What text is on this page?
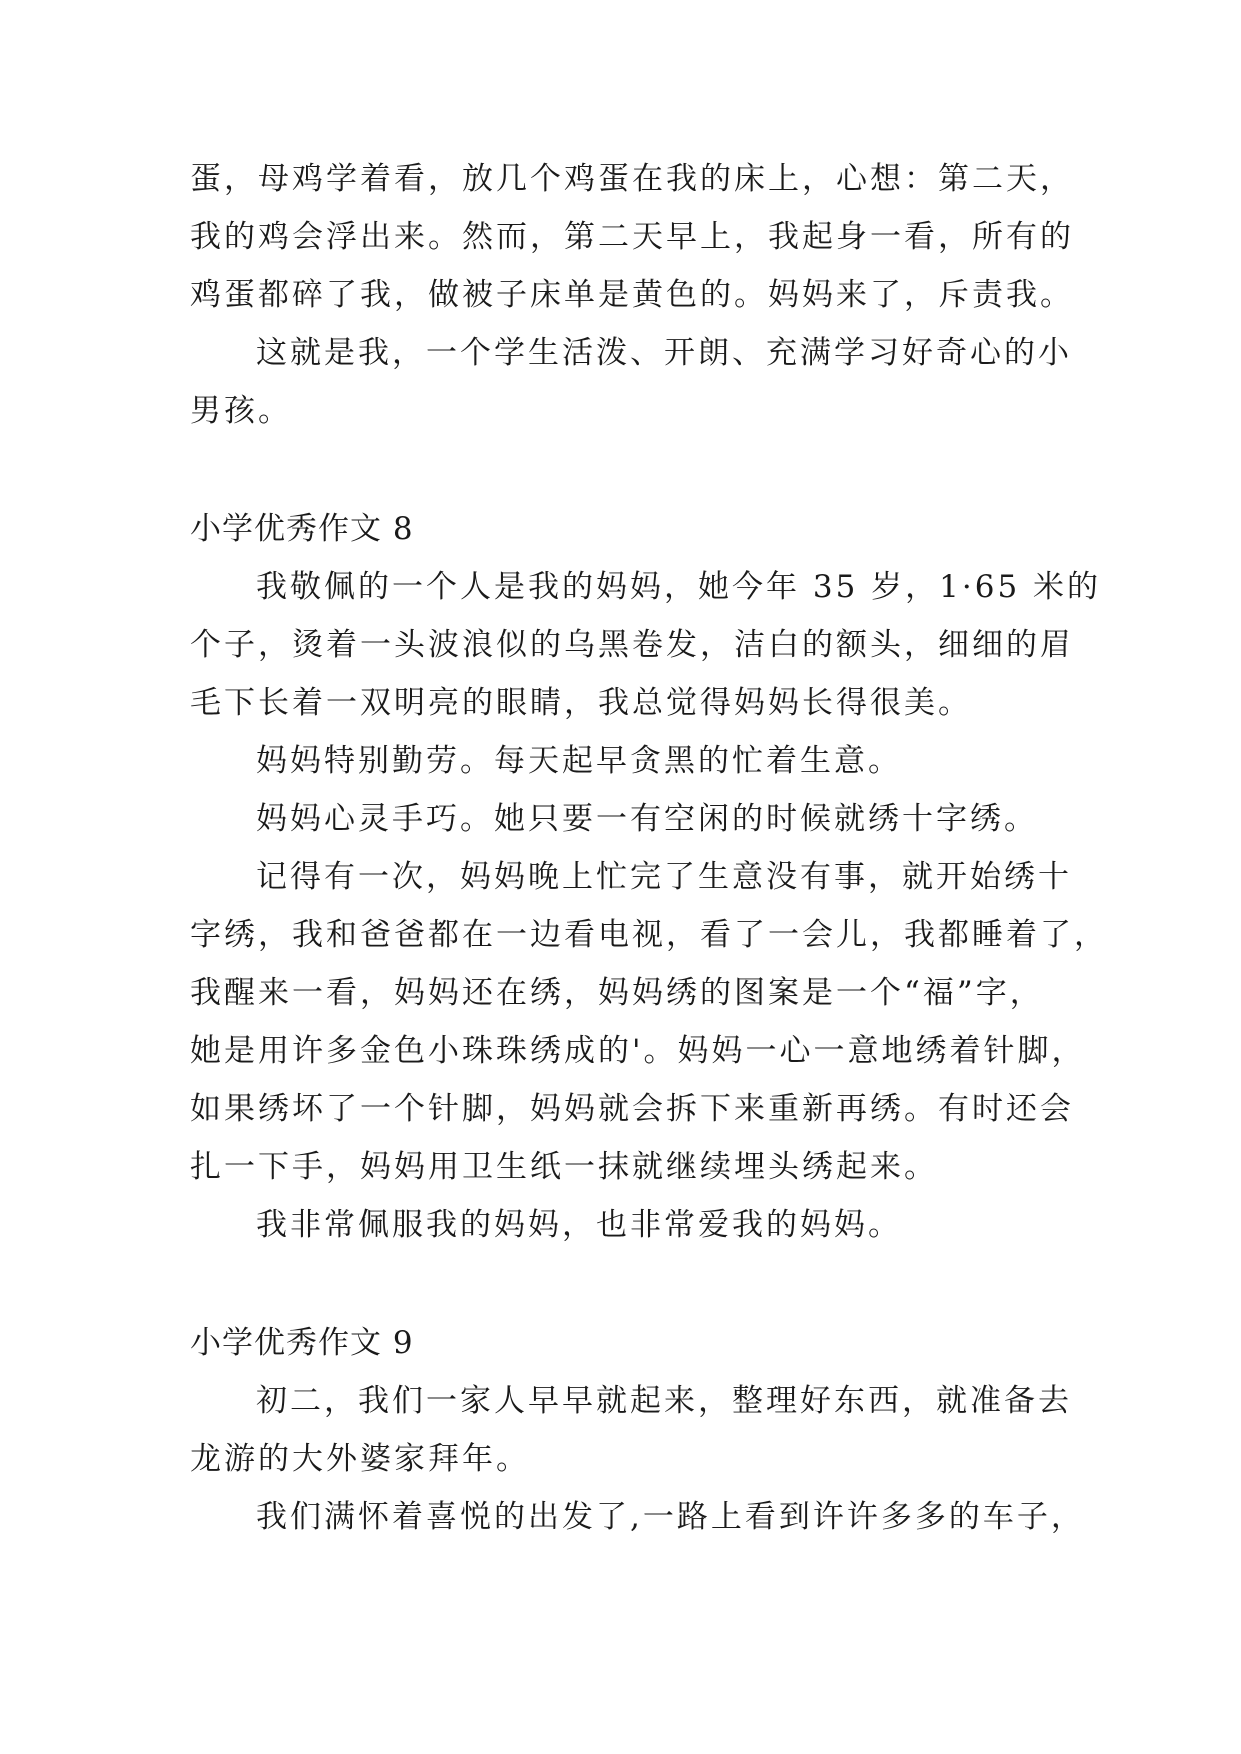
蛋，母鸡学着看，放几个鸡蛋在我的床上，心想：第二天，
我的鸡会浮出来。然而，第二天早上，我起身一看，所有的
鸡蛋都碎了我，做被子床单是黄色的。妈妈来了，斥责我。
这就是我，一个学生活泼、开朗、充满学习好奇心的小
男孩。
小学优秀作文 8
我敬佩的一个人是我的妈妈，她今年 35 岁，1·65 米的
个子，烫着一头波浪似的乌黑卷发，洁白的额头，细细的眉
毛下长着一双明亮的眼睛，我总觉得妈妈长得很美。
妈妈特别勤劳。每天起早贪黑的忙着生意。
妈妈心灵手巧。她只要一有空闲的时候就绣十字绣。
记得有一次，妈妈晚上忙完了生意没有事，就开始绣十
字绣，我和爸爸都在一边看电视，看了一会儿，我都睡着了，
我醒来一看，妈妈还在绣，妈妈绣的图案是一个“福”字，
她是用许多金色小珠珠绣成的'。妈妈一心一意地绣着针脚，
如果绣坏了一个针脚，妈妈就会拆下来重新再绣。有时还会
扎一下手，妈妈用卫生纸一抹就继续埋头绣起来。
我非常佩服我的妈妈，也非常爱我的妈妈。
小学优秀作文 9
初二，我们一家人早早就起来，整理好东西，就准备去
龙游的大外婆家拜年。
我们满怀着喜悦的出发了,一路上看到许许多多的车子，
